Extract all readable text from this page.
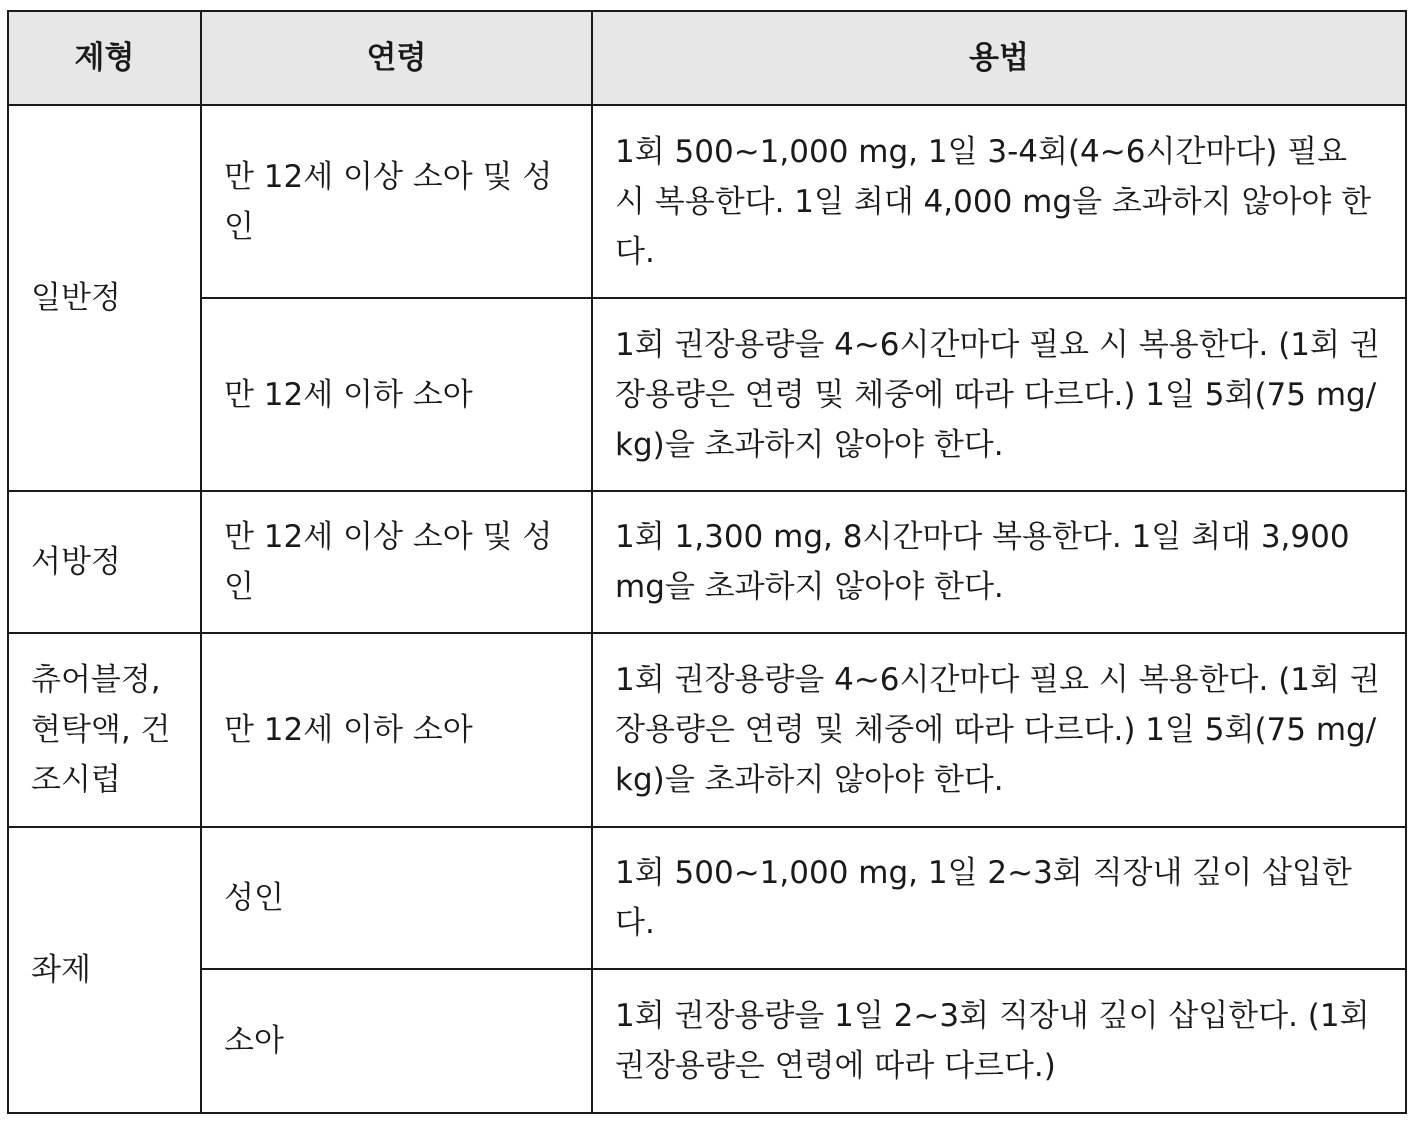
제형	연령	용법
일반정	만 12세 이상 소아 및 성인	1회 500~1,000 mg, 1일 3-4회(4~6시간마다) 필요 시 복용한다. 1일 최대 4,000 mg을 초과하지 않아야 한다.
	만 12세 이하 소아	1회 권장용량을 4~6시간마다 필요 시 복용한다. (1회 권장용량은 연령 및 체중에 따라 다르다.) 1일 5회(75 mg/kg)을 초과하지 않아야 한다.
서방정	만 12세 이상 소아 및 성인	1회 1,300 mg, 8시간마다 복용한다. 1일 최대 3,900 mg을 초과하지 않아야 한다.
츄어블정, 현탁액, 건조시럽	만 12세 이하 소아	1회 권장용량을 4~6시간마다 필요 시 복용한다. (1회 권장용량은 연령 및 체중에 따라 다르다.) 1일 5회(75 mg/kg)을 초과하지 않아야 한다.
좌제	성인	1회 500~1,000 mg, 1일 2~3회 직장내 깊이 삽입한다.
	소아	1회 권장용량을 1일 2~3회 직장내 깊이 삽입한다. (1회 권장용량은 연령에 따라 다르다.)
